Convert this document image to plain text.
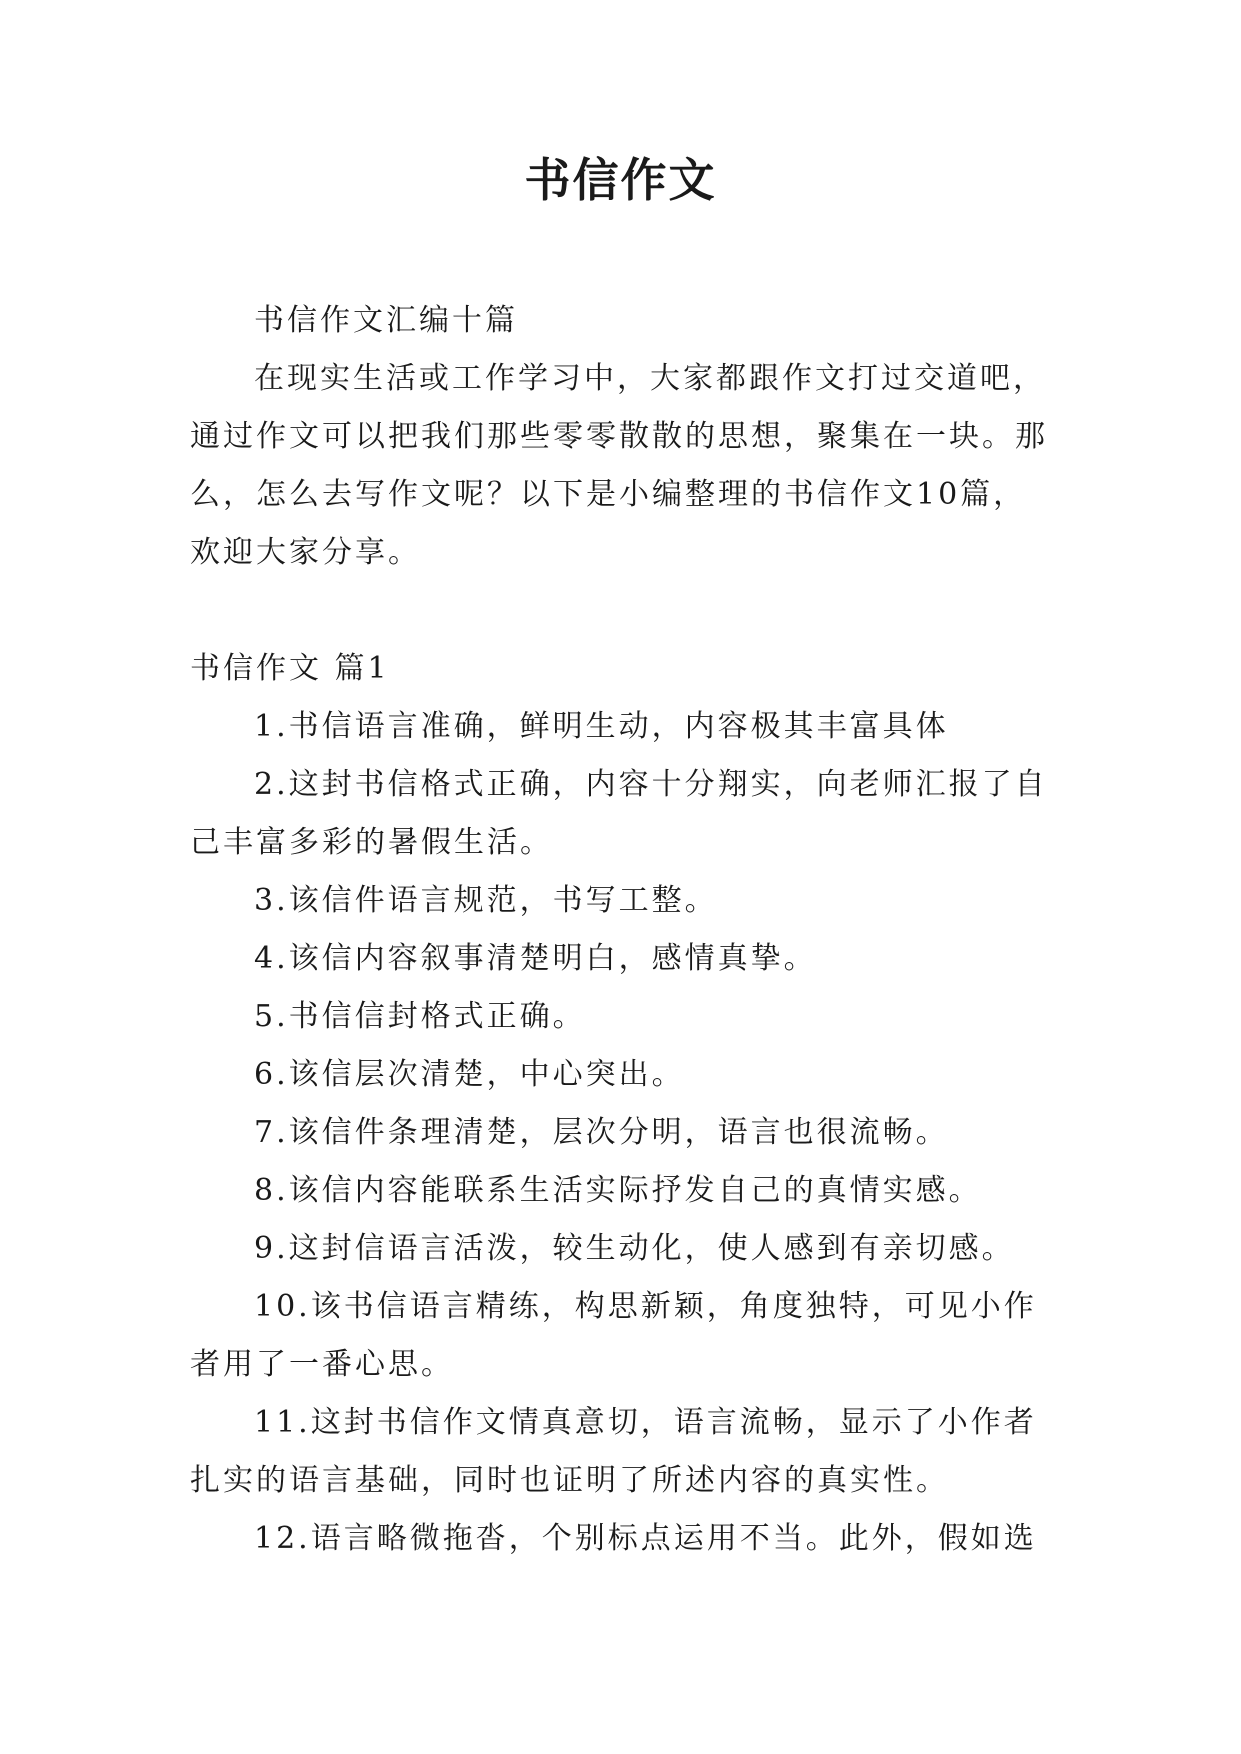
书信作文

书信作文汇编十篇

在现实生活或工作学习中，大家都跟作文打过交道吧，通过作文可以把我们那些零零散散的思想，聚集在一块。那么，怎么去写作文呢？以下是小编整理的书信作文10篇，欢迎大家分享。

书信作文 篇1

1.书信语言准确，鲜明生动，内容极其丰富具体

2.这封书信格式正确，内容十分翔实，向老师汇报了自己丰富多彩的暑假生活。

3.该信件语言规范，书写工整。

4.该信内容叙事清楚明白，感情真挚。

5.书信信封格式正确。

6.该信层次清楚，中心突出。

7.该信件条理清楚，层次分明，语言也很流畅。

8.该信内容能联系生活实际抒发自己的真情实感。

9.这封信语言活泼，较生动化，使人感到有亲切感。

10.该书信语言精练，构思新颖，角度独特，可见小作者用了一番心思。

11.这封书信作文情真意切，语言流畅，显示了小作者扎实的语言基础，同时也证明了所述内容的真实性。

12.语言略微拖沓，个别标点运用不当。此外，假如选
